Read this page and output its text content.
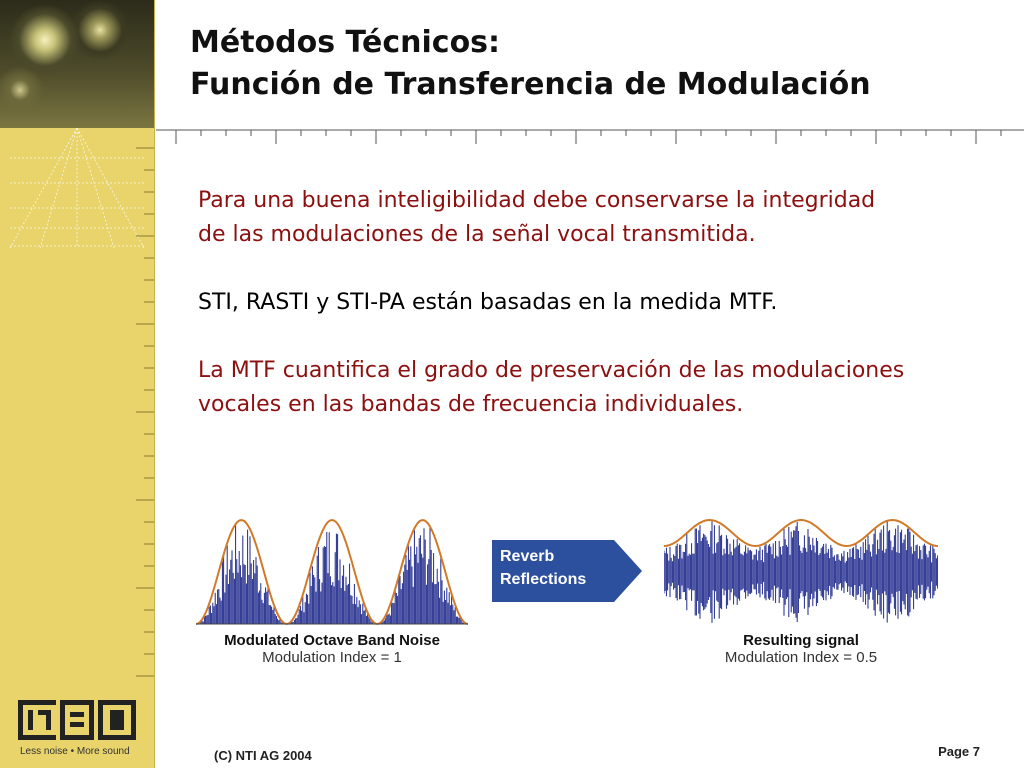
Less noise • More sound
Métodos Técnicos:
Función de Transferencia de Modulación

Para una buena inteligibilidad debe conservarse la integridad de las modulaciones de la señal vocal transmitida.

STI, RASTI y STI-PA están basadas en la medida MTF.

La MTF cuantifica el grado de preservación de las modulaciones vocales en las bandas de frecuencia individuales.

Modulated Octave Band Noise
Modulation Index = 1
Reverb
Reflections
Resulting signal
Modulation Index = 0.5
(C) NTI AG 2004	Page 7
